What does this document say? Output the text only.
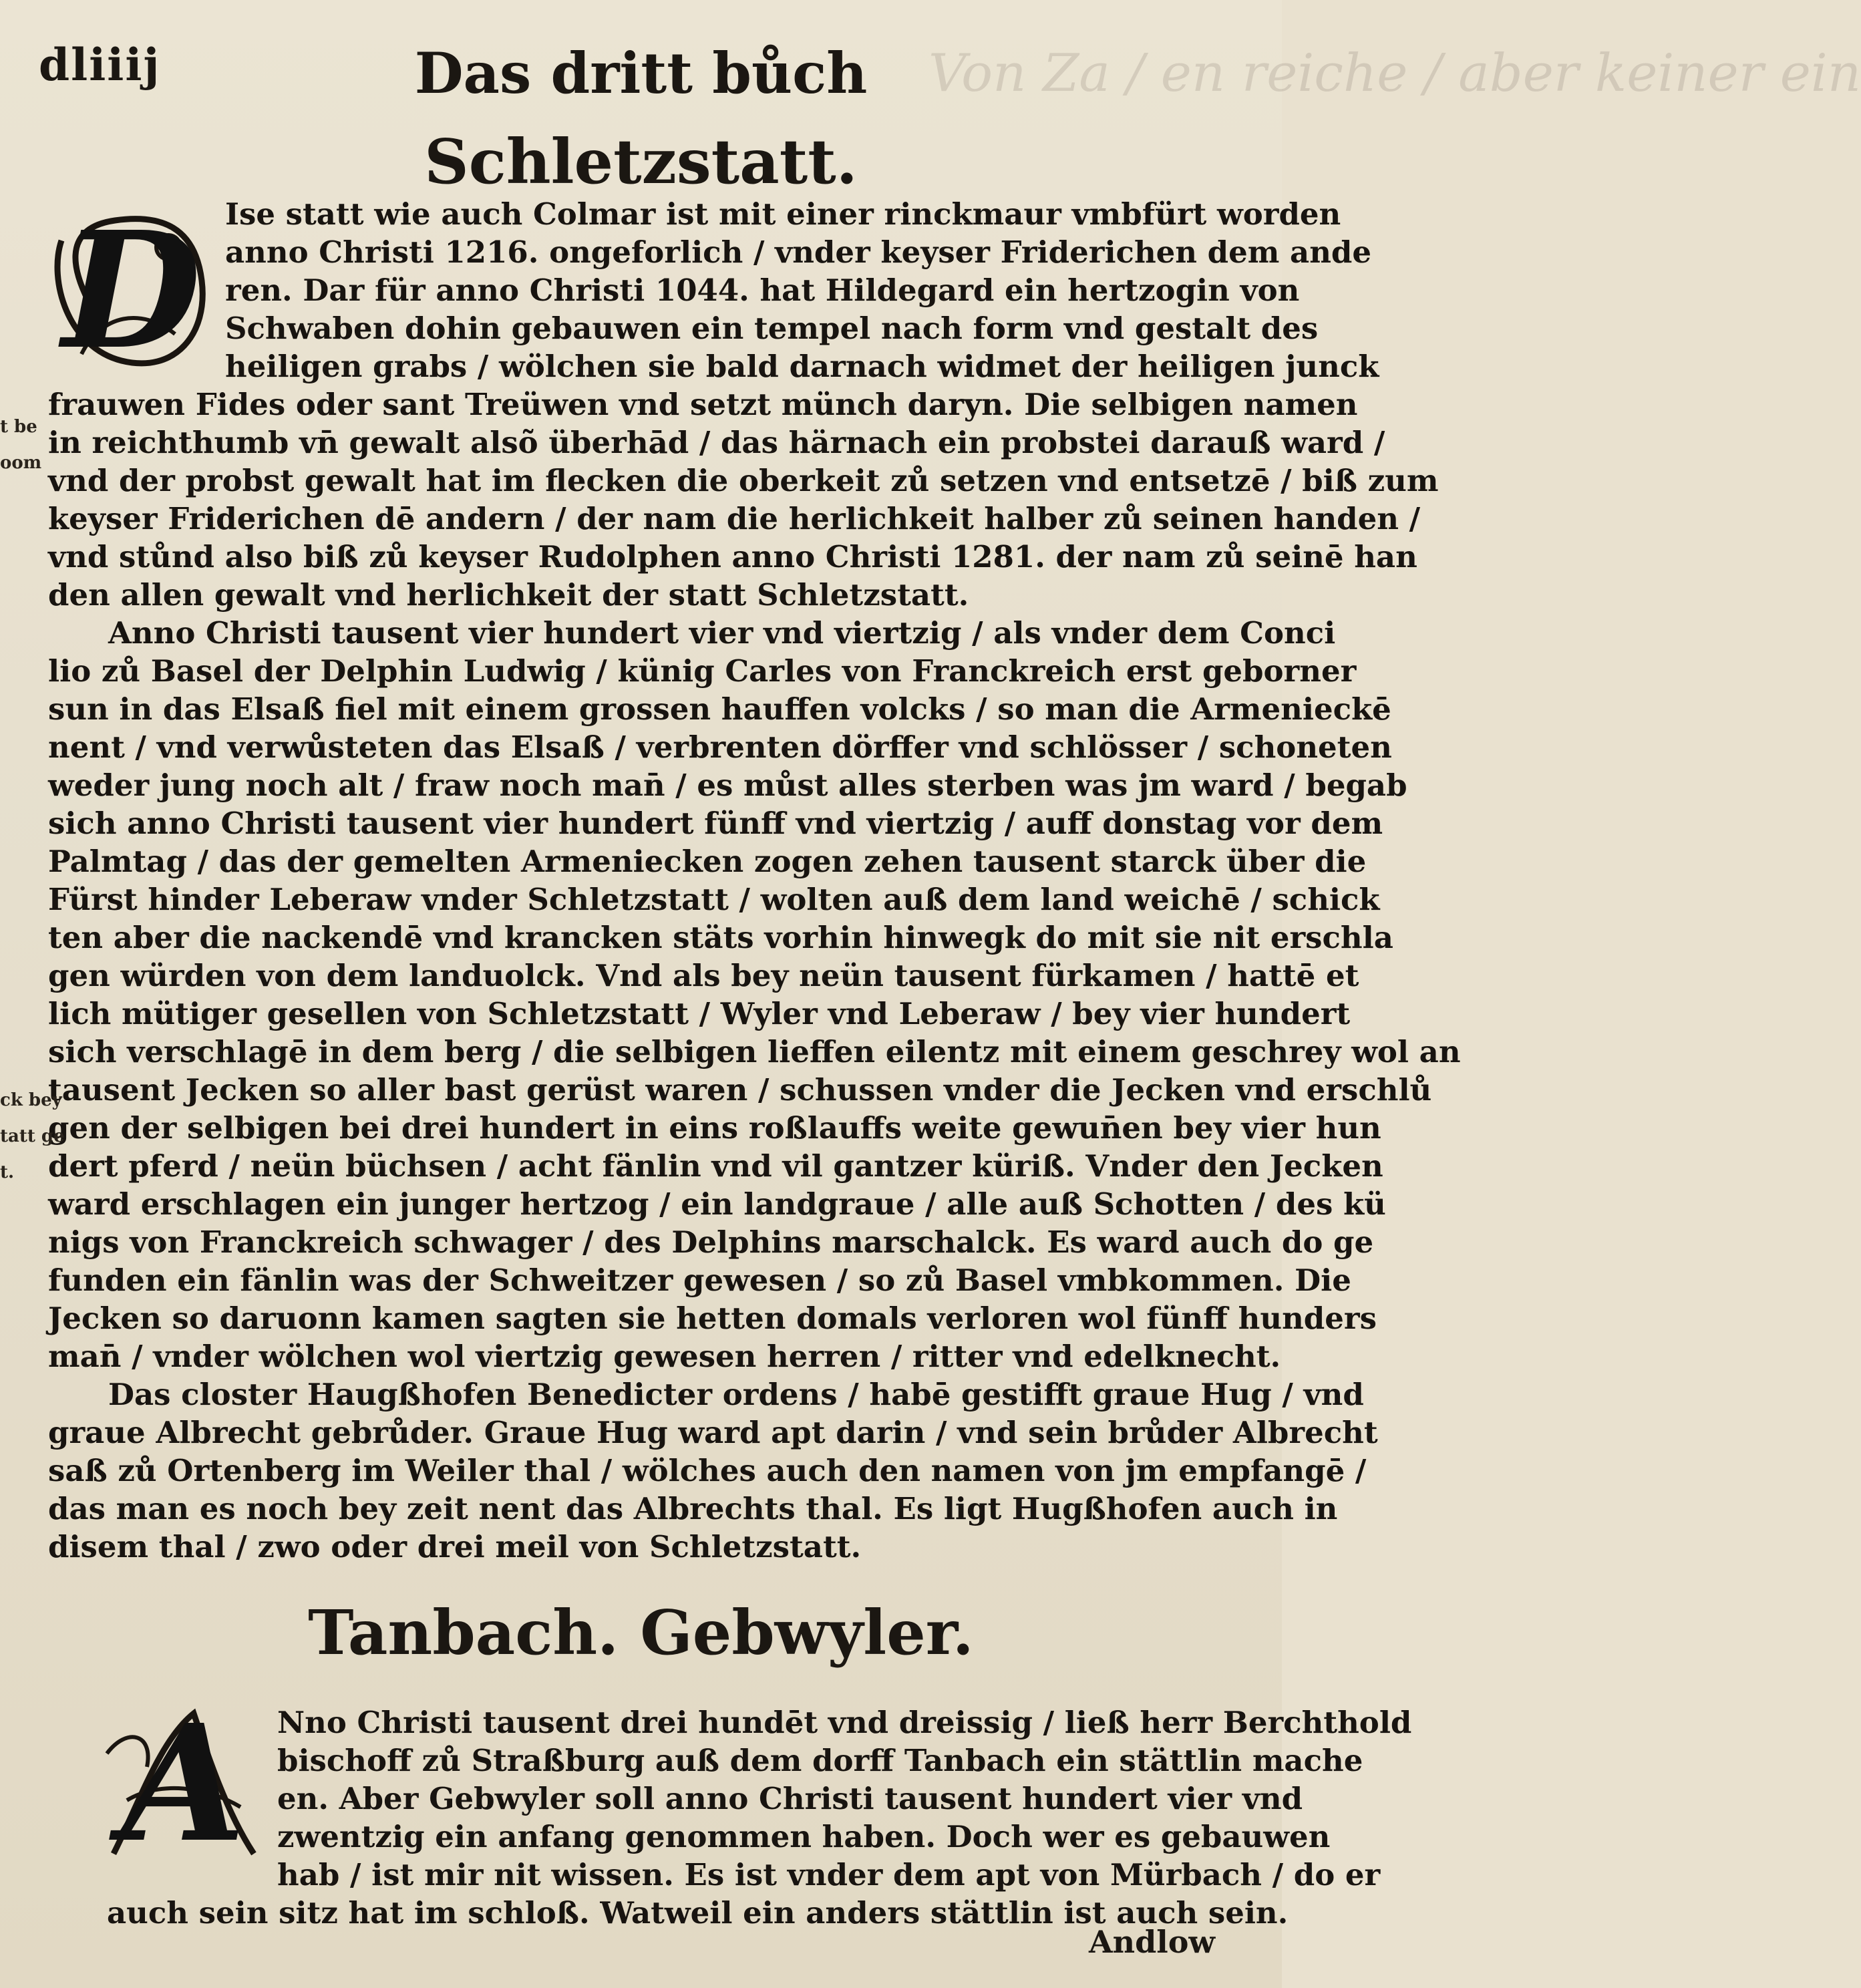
Von Za / en reiche / aber keiner ein
dliiij	Das dritt bůch
Schletzstatt.
D
t be
oom
Ise statt wie auch Colmar ist mit einer rinckmaur vmbfürt worden
anno Christi 1216. ongeforlich / vnder keyser Friderichen dem ande
ren. Dar für anno Christi 1044. hat Hildegard ein hertzogin von
Schwaben dohin gebauwen ein tempel nach form vnd gestalt des
heiligen grabs / wölchen sie bald darnach widmet der heiligen junck
frauwen Fides oder sant Treüwen vnd setzt münch daryn. Die selbigen namen
in reichthumb vn̄ gewalt alsõ überhād / das härnach ein probstei darauß ward /
vnd der probst gewalt hat im flecken die oberkeit zů setzen vnd entsetzē / biß zum
keyser Friderichen dē andern / der nam die herlichkeit halber zů seinen handen /
vnd stůnd also biß zů keyser Rudolphen anno Christi 1281. der nam zů seinē han
den allen gewalt vnd herlichkeit der statt Schletzstatt.
Anno Christi tausent vier hundert vier vnd viertzig / als vnder dem Conci
lio zů Basel der Delphin Ludwig / künig Carles von Franckreich erst geborner
sun in das Elsaß fiel mit einem grossen hauffen volcks / so man die Armenieckē
nent / vnd verwůsteten das Elsaß / verbrenten dörffer vnd schlösser / schoneten
weder jung noch alt / fraw noch man̄ / es můst alles sterben was jm ward / begab
sich anno Christi tausent vier hundert fünff vnd viertzig / auff donstag vor dem
Palmtag / das der gemelten Armeniecken zogen zehen tausent starck über die
Fürst hinder Leberaw vnder Schletzstatt / wolten auß dem land weichē / schick
ten aber die nackendē vnd krancken stäts vorhin hinwegk do mit sie nit erschla
gen würden von dem landuolck. Vnd als bey neün tausent fürkamen / hattē et
lich mütiger gesellen von Schletzstatt / Wyler vnd Leberaw / bey vier hundert
sich verschlagē in dem berg / die selbigen lieffen eilentz mit einem geschrey wol an
tausent Jecken so aller bast gerüst waren / schussen vnder die Jecken vnd erschlů
gen der selbigen bei drei hundert in eins roßlauffs weite gewun̄en bey vier hun
dert pferd / neün büchsen / acht fänlin vnd vil gantzer küriß. Vnder den Jecken
ward erschlagen ein junger hertzog / ein landgraue / alle auß Schotten / des kü
nigs von Franckreich schwager / des Delphins marschalck. Es ward auch do ge
funden ein fänlin was der Schweitzer gewesen / so zů Basel vmbkommen. Die
Jecken so daruonn kamen sagten sie hetten domals verloren wol fünff hunders
man̄ / vnder wölchen wol viertzig gewesen herren / ritter vnd edelknecht.
Das closter Haugßhofen Benedicter ordens / habē gestifft graue Hug / vnd
graue Albrecht gebrůder. Graue Hug ward apt darin / vnd sein brůder Albrecht
saß zů Ortenberg im Weiler thal / wölches auch den namen von jm empfangē /
das man es noch bey zeit nent das Albrechts thal. Es ligt Hugßhofen auch in
disem thal / zwo oder drei meil von Schletzstatt.
ck bey
tatt ge
t.
Tanbach. Gebwyler.
A	Nno Christi tausent drei hundēt vnd dreissig / ließ herr Berchthold
bischoff zů Straßburg auß dem dorff Tanbach ein stättlin mache
en. Aber Gebwyler soll anno Christi tausent hundert vier vnd
zwentzig ein anfang genommen haben. Doch wer es gebauwen
hab / ist mir nit wissen. Es ist vnder dem apt von Mürbach / do er
auch sein sitz hat im schloß. Watweil ein anders stättlin ist auch sein.
Andlow
